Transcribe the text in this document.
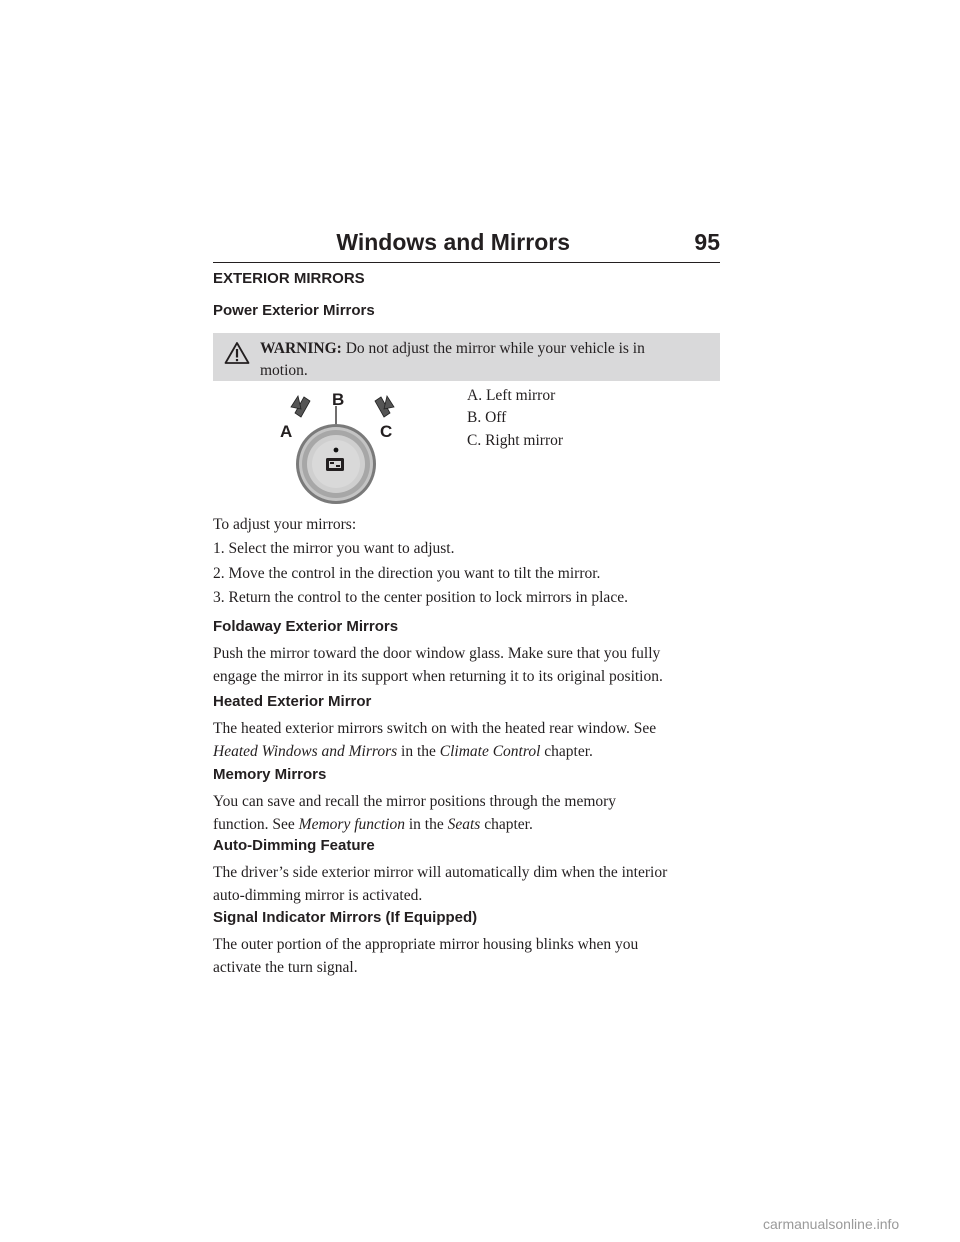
Windows and Mirrors	95
EXTERIOR MIRRORS
Power Exterior Mirrors
WARNING: Do not adjust the mirror while your vehicle is in
motion.
B
A	C
A. Left mirror
B. Off
C. Right mirror

To adjust your mirrors:

1. Select the mirror you want to adjust.

2. Move the control in the direction you want to tilt the mirror.

3. Return the control to the center position to lock mirrors in place.

Foldaway Exterior Mirrors

Push the mirror toward the door window glass. Make sure that you fully
engage the mirror in its support when returning it to its original position.

Heated Exterior Mirror

The heated exterior mirrors switch on with the heated rear window. See
Heated Windows and Mirrors in the Climate Control chapter.

Memory Mirrors

You can save and recall the mirror positions through the memory
function. See Memory function in the Seats chapter.

Auto-Dimming Feature

The driver’s side exterior mirror will automatically dim when the interior
auto-dimming mirror is activated.

Signal Indicator Mirrors (If Equipped)

The outer portion of the appropriate mirror housing blinks when you
activate the turn signal.

carmanualsonline.info
